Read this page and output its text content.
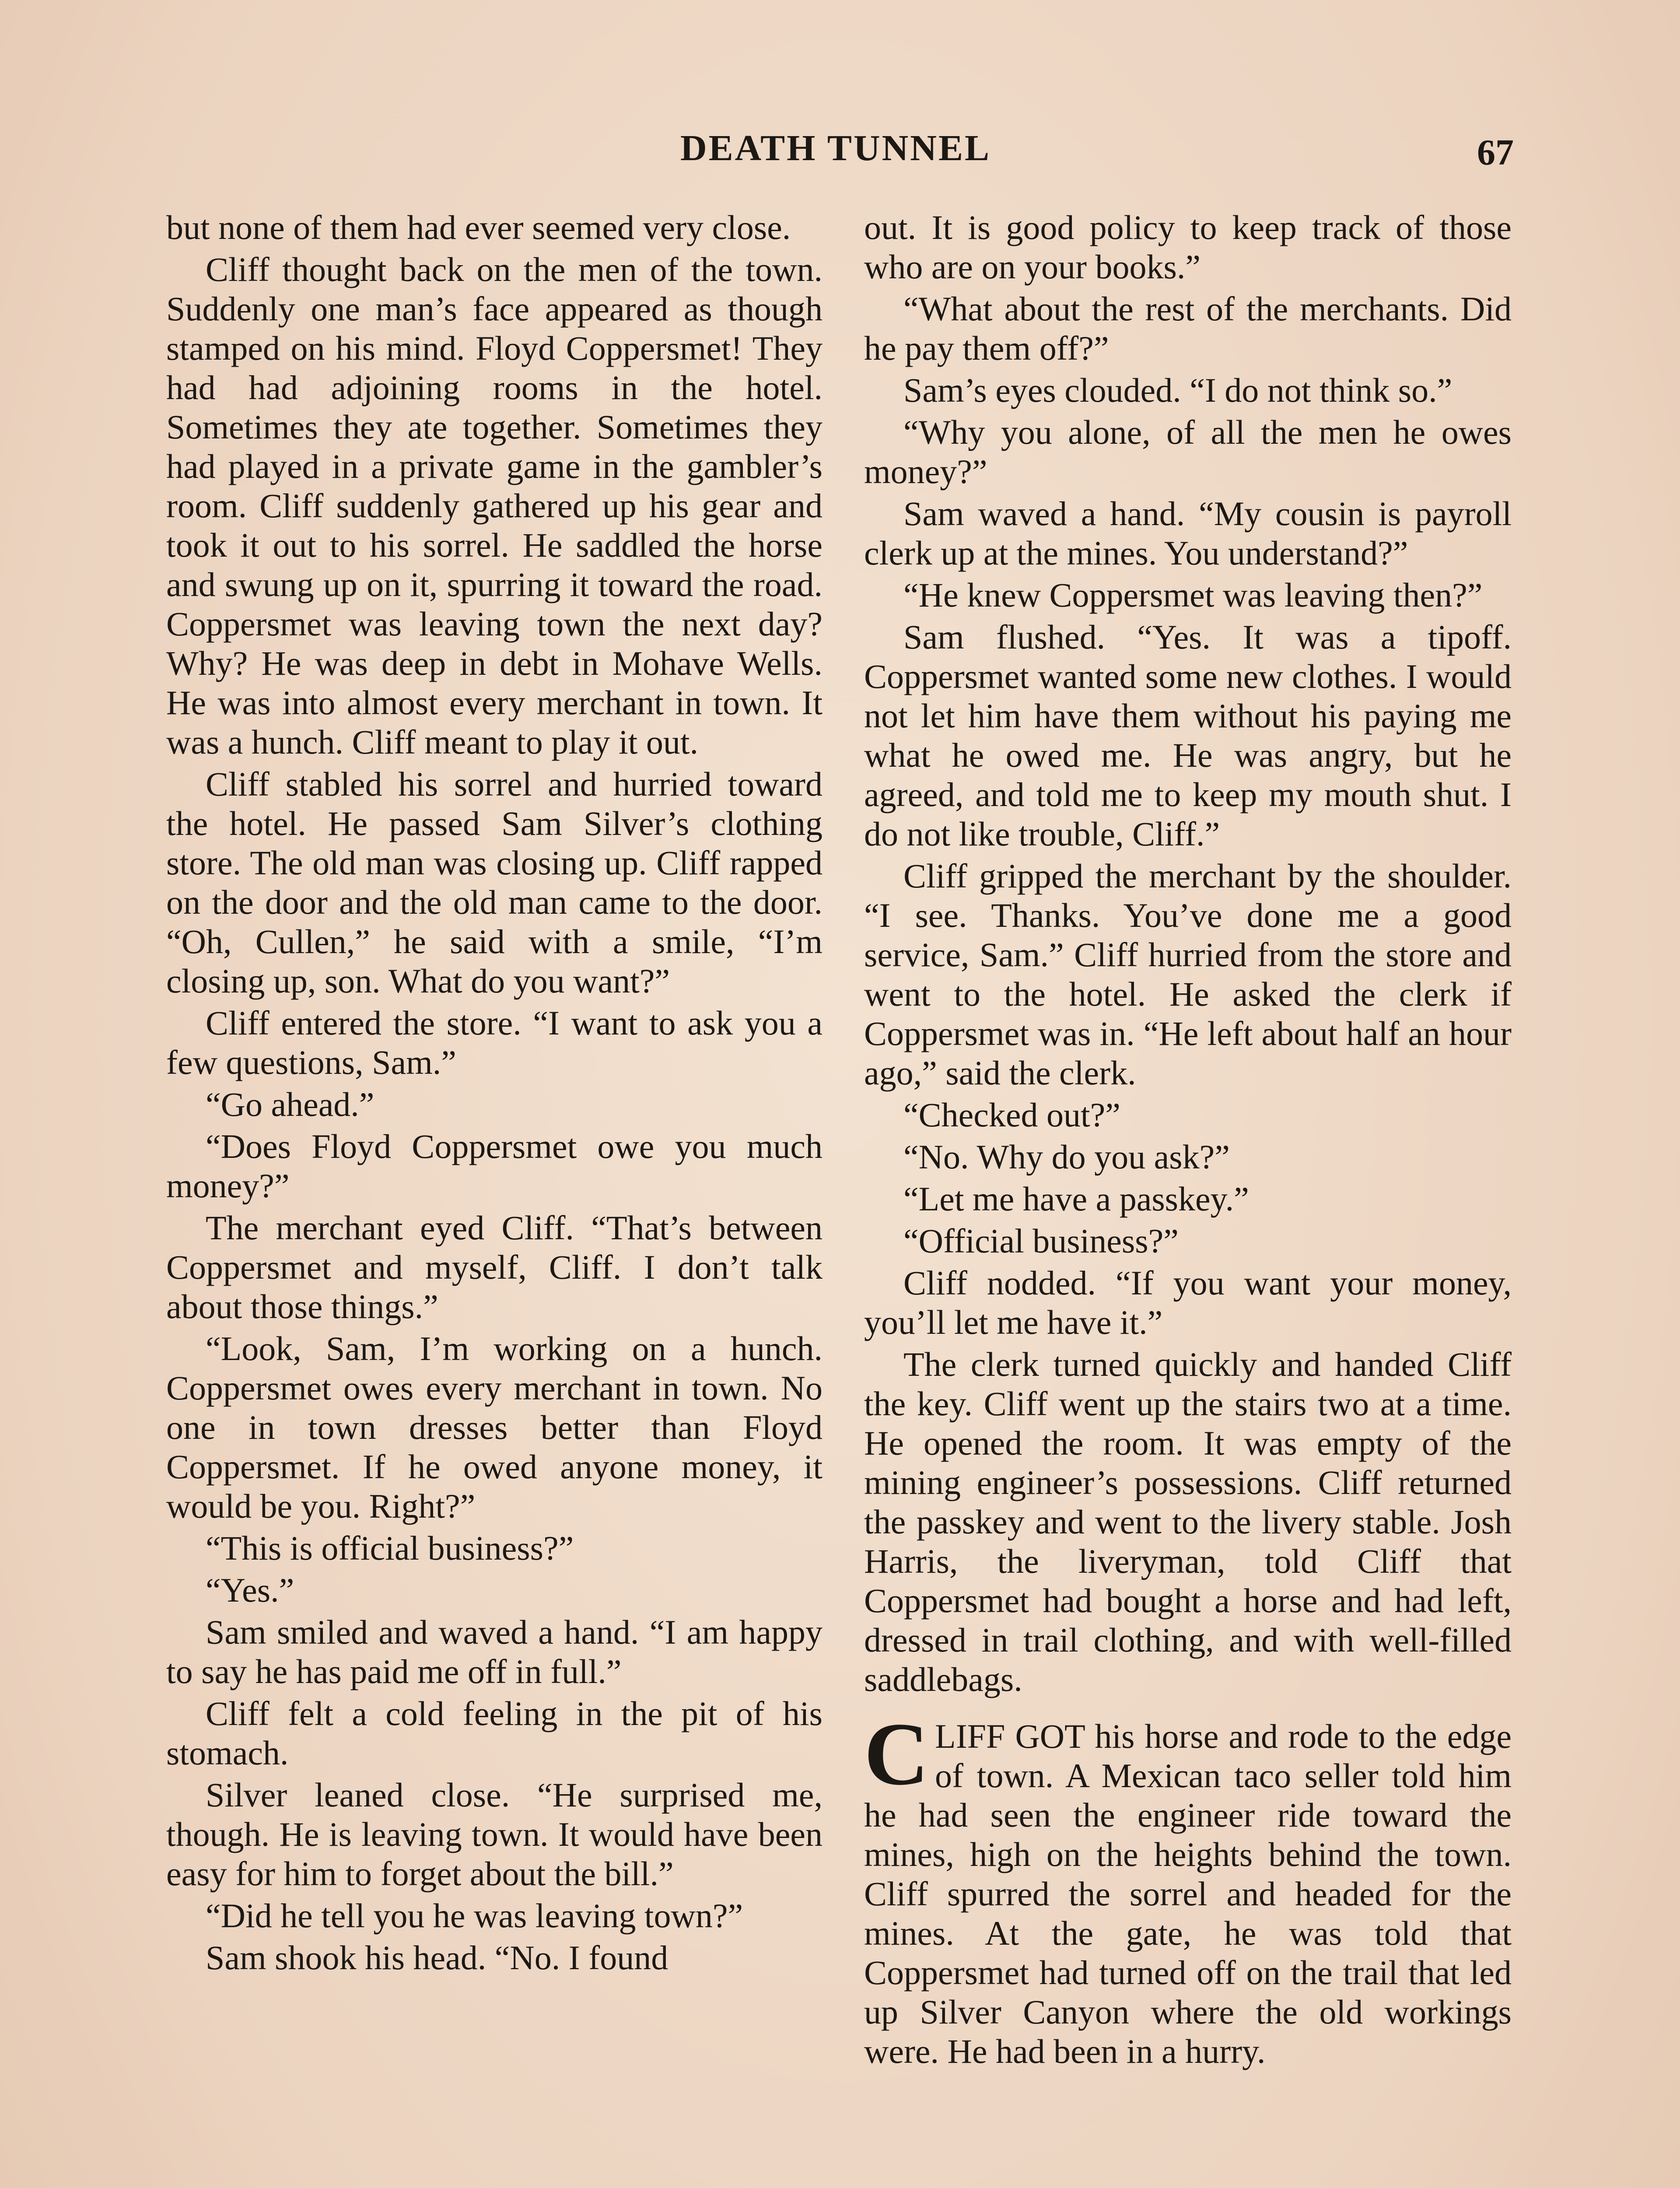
DEATH TUNNEL	67

but none of them had ever seemed very close.

Cliff thought back on the men of the town. Suddenly one man’s face appeared as though stamped on his mind. Floyd Coppersmet! They had had adjoining rooms in the hotel. Sometimes they ate together. Sometimes they had played in a private game in the gambler’s room. Cliff suddenly gathered up his gear and took it out to his sorrel. He saddled the horse and swung up on it, spurring it toward the road. Coppersmet was leaving town the next day? Why? He was deep in debt in Mohave Wells. He was into almost every merchant in town. It was a hunch. Cliff meant to play it out.

Cliff stabled his sorrel and hurried toward the hotel. He passed Sam Silver’s clothing store. The old man was closing up. Cliff rapped on the door and the old man came to the door. “Oh, Cullen,” he said with a smile, “I’m closing up, son. What do you want?”

Cliff entered the store. “I want to ask you a few questions, Sam.”

“Go ahead.”

“Does Floyd Coppersmet owe you much money?”

The merchant eyed Cliff. “That’s between Coppersmet and myself, Cliff. I don’t talk about those things.”

“Look, Sam, I’m working on a hunch. Coppersmet owes every merchant in town. No one in town dresses better than Floyd Coppersmet. If he owed anyone money, it would be you. Right?”

“This is official business?”

“Yes.”

Sam smiled and waved a hand. “I am happy to say he has paid me off in full.”

Cliff felt a cold feeling in the pit of his stomach.

Silver leaned close. “He surprised me, though. He is leaving town. It would have been easy for him to forget about the bill.”

“Did he tell you he was leaving town?”

Sam shook his head. “No. I found

out. It is good policy to keep track of those who are on your books.”

“What about the rest of the merchants. Did he pay them off?”

Sam’s eyes clouded. “I do not think so.”

“Why you alone, of all the men he owes money?”

Sam waved a hand. “My cousin is payroll clerk up at the mines. You understand?”

“He knew Coppersmet was leaving then?”

Sam flushed. “Yes. It was a tipoff. Coppersmet wanted some new clothes. I would not let him have them without his paying me what he owed me. He was angry, but he agreed, and told me to keep my mouth shut. I do not like trouble, Cliff.”

Cliff gripped the merchant by the shoulder. “I see. Thanks. You’ve done me a good service, Sam.” Cliff hurried from the store and went to the hotel. He asked the clerk if Coppersmet was in. “He left about half an hour ago,” said the clerk.

“Checked out?”

“No. Why do you ask?”

“Let me have a passkey.”

“Official business?”

Cliff nodded. “If you want your money, you’ll let me have it.”

The clerk turned quickly and handed Cliff the key. Cliff went up the stairs two at a time. He opened the room. It was empty of the mining engineer’s possessions. Cliff returned the passkey and went to the livery stable. Josh Harris, the liveryman, told Cliff that Coppersmet had bought a horse and had left, dressed in trail clothing, and with well-filled saddlebags.

CLIFF GOT his horse and rode to the edge of town. A Mexican taco seller told him he had seen the engineer ride toward the mines, high on the heights behind the town. Cliff spurred the sorrel and headed for the mines. At the gate, he was told that Coppersmet had turned off on the trail that led up Silver Canyon where the old workings were. He had been in a hurry.
